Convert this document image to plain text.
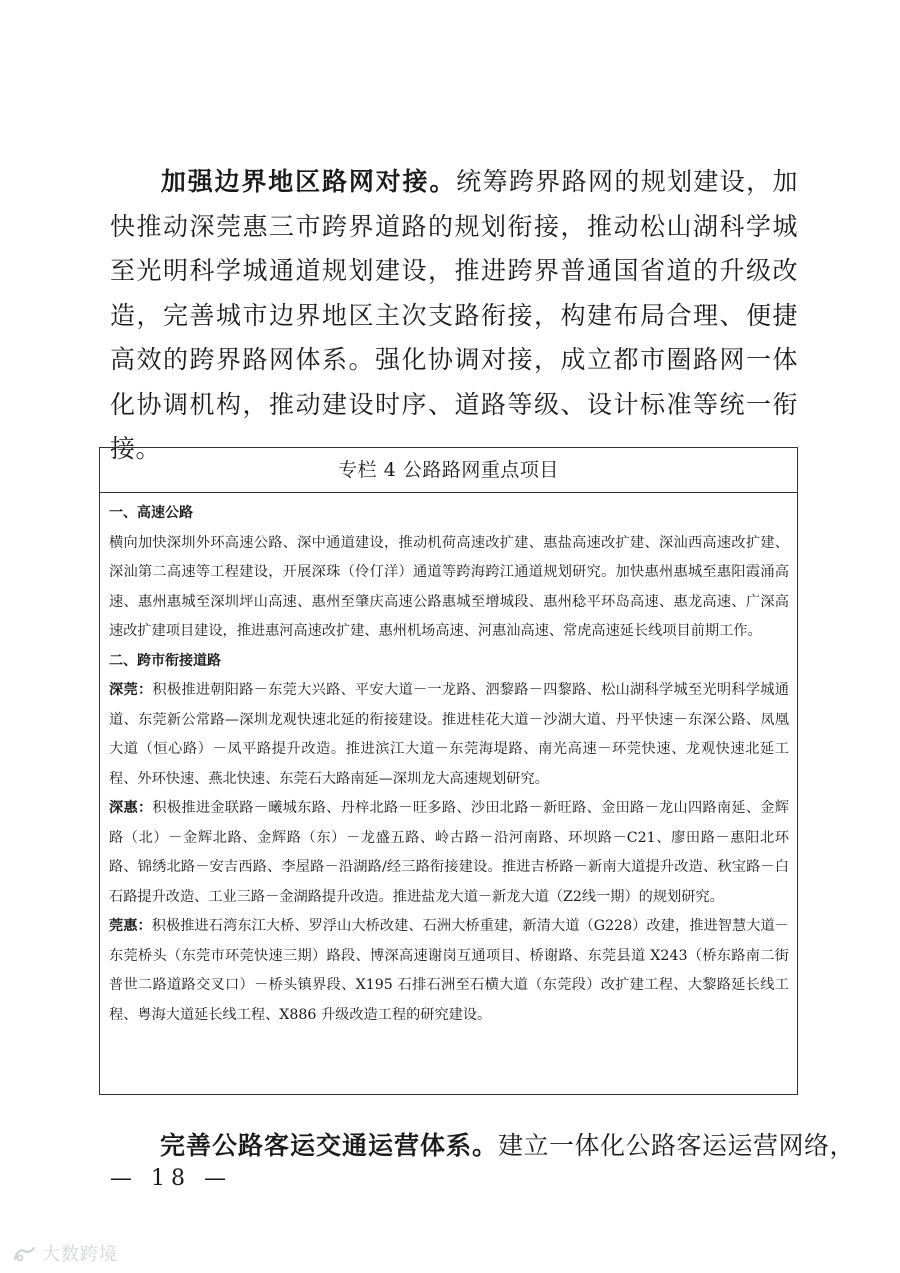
加强边界地区路网对接。统筹跨界路网的规划建设，加快推动深莞惠三市跨界道路的规划衔接，推动松山湖科学城至光明科学城通道规划建设，推进跨界普通国省道的升级改造，完善城市边界地区主次支路衔接，构建布局合理、便捷高效的跨界路网体系。强化协调对接，成立都市圈路网一体化协调机构，推动建设时序、道路等级、设计标准等统一衔接。

专栏 4 公路路网重点项目

一、高速公路

横向加快深圳外环高速公路、深中通道建设，推动机荷高速改扩建、惠盐高速改扩建、深汕西高速改扩建、深汕第二高速等工程建设，开展深珠（伶仃洋）通道等跨海跨江通道规划研究。加快惠州惠城至惠阳霞涌高速、惠州惠城至深圳坪山高速、惠州至肇庆高速公路惠城至增城段、惠州稔平环岛高速、惠龙高速、广深高速改扩建项目建设，推进惠河高速改扩建、惠州机场高速、河惠汕高速、常虎高速延长线项目前期工作。

二、跨市衔接道路

深莞：积极推进朝阳路－东莞大兴路、平安大道－一龙路、泗黎路－四黎路、松山湖科学城至光明科学城通道、东莞新公常路—深圳龙观快速北延的衔接建设。推进桂花大道－沙湖大道、丹平快速－东深公路、凤凰大道（恒心路）－凤平路提升改造。推进滨江大道－东莞海堤路、南光高速－环莞快速、龙观快速北延工程、外环快速、燕北快速、东莞石大路南延—深圳龙大高速规划研究。

深惠：积极推进金联路－曦城东路、丹梓北路－旺多路、沙田北路－新旺路、金田路－龙山四路南延、金辉路（北）－金辉北路、金辉路（东）－龙盛五路、岭古路－沿河南路、环坝路－C21、廖田路－惠阳北环路、锦绣北路－安吉西路、李屋路－沿湖路/经三路衔接建设。推进吉桥路－新南大道提升改造、秋宝路－白石路提升改造、工业三路－金湖路提升改造。推进盐龙大道－新龙大道（Z2线一期）的规划研究。

莞惠：积极推进石湾东江大桥、罗浮山大桥改建、石洲大桥重建，新清大道（G228）改建，推进智慧大道－东莞桥头（东莞市环莞快速三期）路段、博深高速谢岗互通项目、桥谢路、东莞县道 X243（桥东路南二街普世二路道路交叉口）－桥头镇界段、X195 石排石洲至石横大道（东莞段）改扩建工程、大黎路延长线工程、粤海大道延长线工程、X886 升级改造工程的研究建设。

完善公路客运交通运营体系。建立一体化公路客运运营网络，

— 18 —
大数跨境
